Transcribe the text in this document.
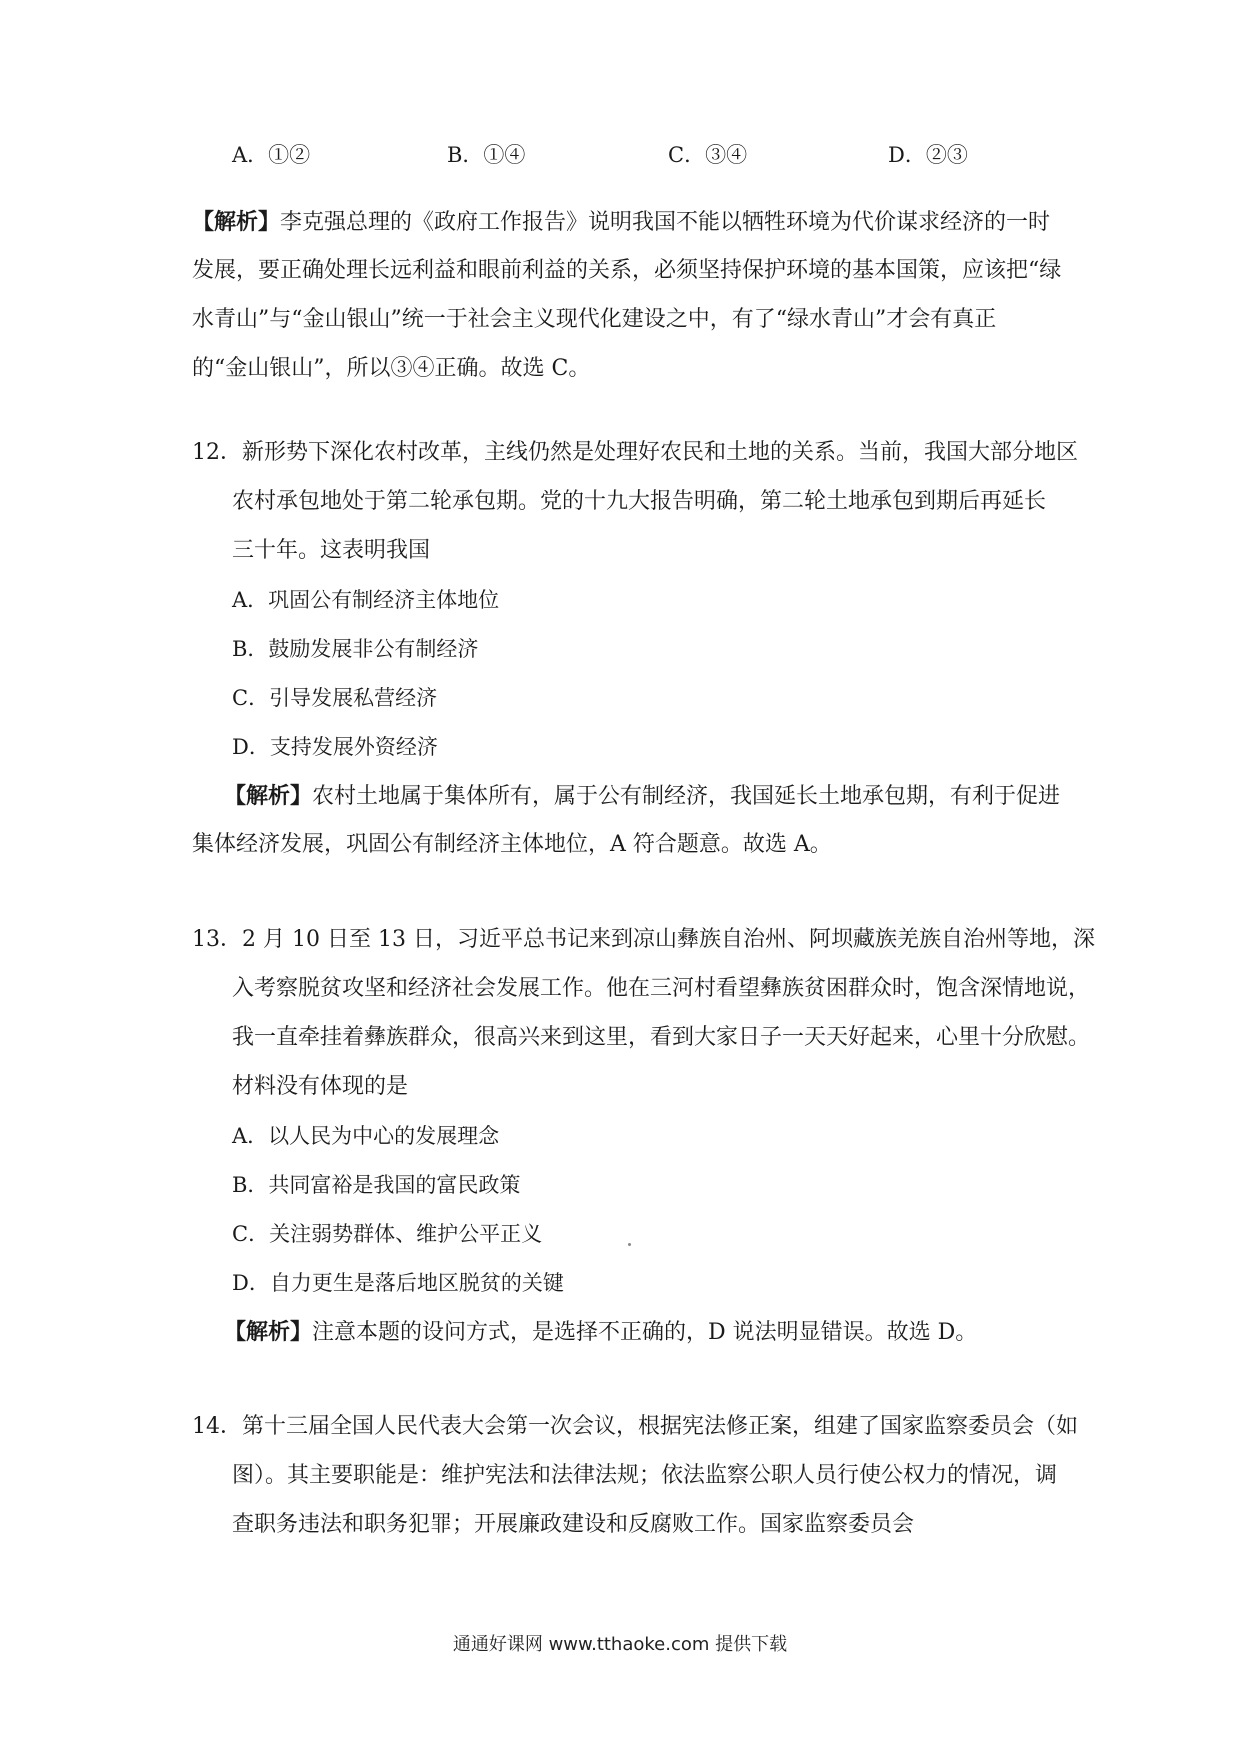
A．①②	B．①④	C．③④	D．②③
【解析】李克强总理的《政府工作报告》说明我国不能以牺牲环境为代价谋求经济的一时
发展，要正确处理长远利益和眼前利益的关系，必须坚持保护环境的基本国策，应该把“绿
水青山”与“金山银山”统一于社会主义现代化建设之中，有了“绿水青山”才会有真正
的“金山银山”，所以③④正确。故选 C。
12．新形势下深化农村改革，主线仍然是处理好农民和土地的关系。当前，我国大部分地区
农村承包地处于第二轮承包期。党的十九大报告明确，第二轮土地承包到期后再延长
三十年。这表明我国
A．巩固公有制经济主体地位
B．鼓励发展非公有制经济
C．引导发展私营经济
D．支持发展外资经济
【解析】农村土地属于集体所有，属于公有制经济，我国延长土地承包期，有利于促进
集体经济发展，巩固公有制经济主体地位，A 符合题意。故选 A。
13．2 月 10 日至 13 日，习近平总书记来到凉山彝族自治州、阿坝藏族羌族自治州等地，深
入考察脱贫攻坚和经济社会发展工作。他在三河村看望彝族贫困群众时，饱含深情地说，
我一直牵挂着彝族群众，很高兴来到这里，看到大家日子一天天好起来，心里十分欣慰。
材料没有体现的是
A．以人民为中心的发展理念
B．共同富裕是我国的富民政策
C．关注弱势群体、维护公平正义
D．自力更生是落后地区脱贫的关键
【解析】注意本题的设问方式，是选择不正确的，D 说法明显错误。故选 D。
14．第十三届全国人民代表大会第一次会议，根据宪法修正案，组建了国家监察委员会（如
图）。其主要职能是：维护宪法和法律法规；依法监察公职人员行使公权力的情况，调
查职务违法和职务犯罪；开展廉政建设和反腐败工作。国家监察委员会
通通好课网 www.tthaoke.com 提供下载
